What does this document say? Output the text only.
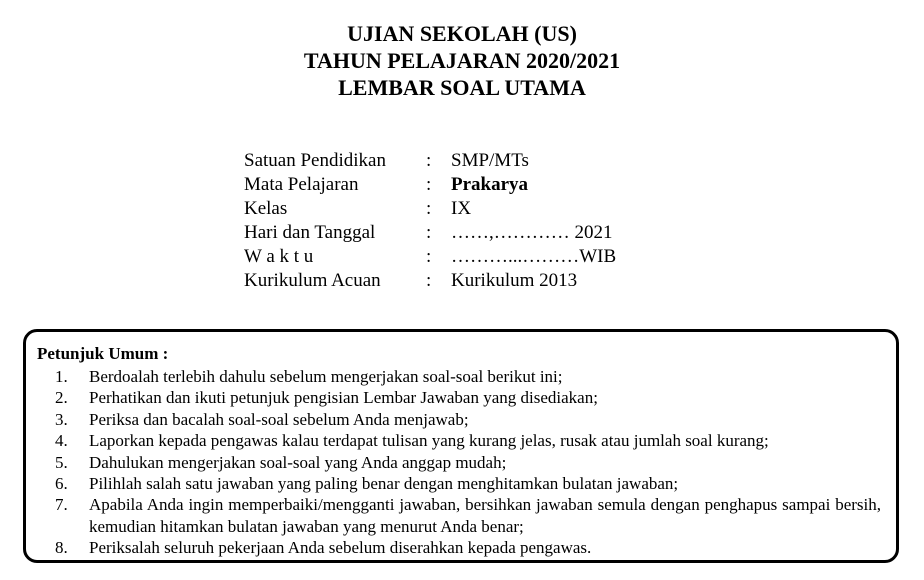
UJIAN SEKOLAH (US)
TAHUN PELAJARAN 2020/2021
LEMBAR SOAL UTAMA
Satuan Pendidikan	:	SMP/MTs
Mata Pelajaran	:	Prakarya
Kelas	:	IX
Hari dan Tanggal	:	……,………… 2021
W a k t u	:	………...………WIB
Kurikulum Acuan	:	Kurikulum 2013
Petunjuk Umum :
1.	Berdoalah terlebih dahulu sebelum mengerjakan soal-soal berikut ini;
2.	Perhatikan dan ikuti petunjuk pengisian Lembar Jawaban yang disediakan;
3.	Periksa dan bacalah soal-soal sebelum Anda menjawab;
4.	Laporkan kepada pengawas kalau terdapat tulisan yang kurang jelas, rusak atau jumlah soal kurang;
5.	Dahulukan mengerjakan soal-soal yang Anda anggap mudah;
6.	Pilihlah salah satu jawaban yang paling benar dengan menghitamkan bulatan jawaban;
7.	Apabila Anda ingin memperbaiki/mengganti jawaban, bersihkan jawaban semula dengan penghapus sampai bersih, kemudian hitamkan bulatan jawaban yang menurut Anda benar;
8.	Periksalah seluruh pekerjaan Anda sebelum diserahkan kepada pengawas.
